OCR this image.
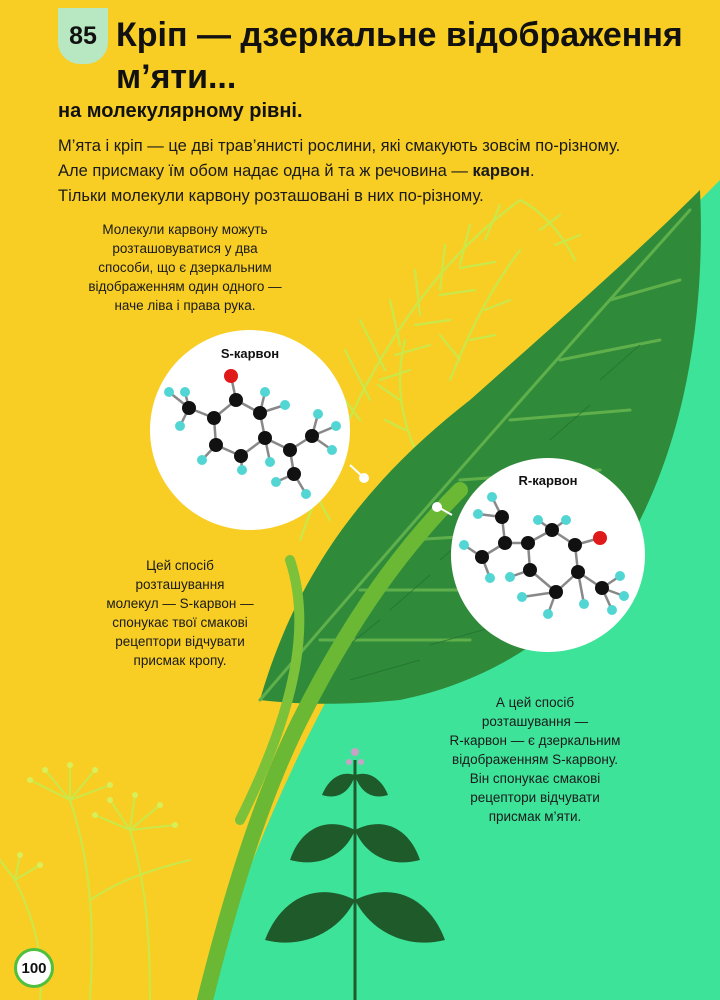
S-карвон
R-карвон
85 Кріп — дзеркальне відображення
м’яти...
на молекулярному рівні.

М’ята і кріп — це дві трав’янисті рослини, які смакують зовсім по-різному.
Але присмаку їм обом надає одна й та ж речовина — карвон.
Тільки молекули карвону розташовані в них по-різному.

Молекули карвону можуть
розташовуватися у два
способи, що є дзеркальним
відображенням один одного —
наче ліва і права рука.

Цей спосіб
розташування
молекул — S-карвон —
спонукає твої смакові
рецептори відчувати
присмак кропу.

А цей спосіб
розташування —
R-карвон — є дзеркальним
відображенням S-карвону.
Він спонукає смакові
рецептори відчувати
присмак м’яти.

100
